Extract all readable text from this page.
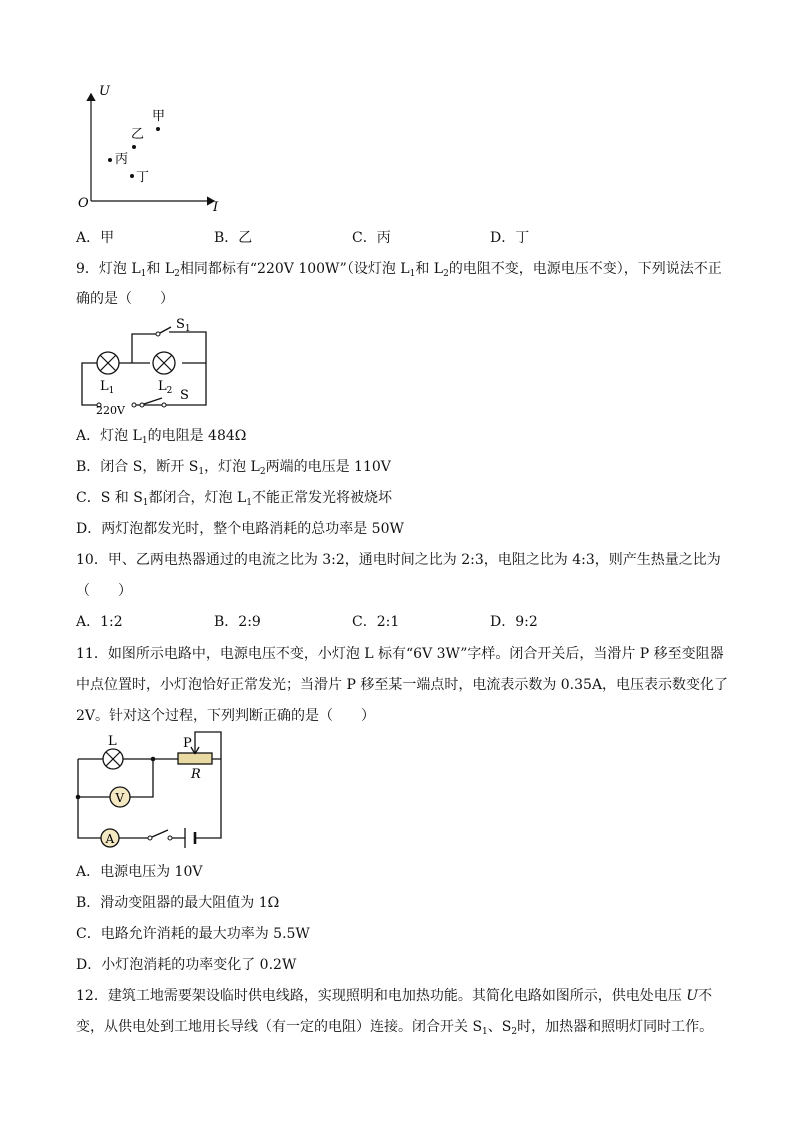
U
I
O
甲
乙
丙
丁
A．甲	B．乙	C．丙	D．丁
9．灯泡 $L_1$和 $L_2$相同都标有“220V 100W”（设灯泡 $L_1$和 $L_2$的电阻不变，电源电压不变），下列说法不正
确的是（　　）
$S_1$
$L_1$	$L_2$ S
220V
A．灯泡 $L_1$的电阻是 484Ω
B．闭合 S，断开 $S_1$，灯泡 $L_2$两端的电压是 110V
C．S 和 $S_1$都闭合，灯泡 $L_1$不能正常发光将被烧坏
D．两灯泡都发光时，整个电路消耗的总功率是 50W
10．甲、乙两电热器通过的电流之比为 3:2，通电时间之比为 2:3，电阻之比为 4:3，则产生热量之比为
（　　）
A．1:2	B．2:9	C．2:1	D．9:2
11．如图所示电路中，电源电压不变，小灯泡 L 标有“6V 3W”字样。闭合开关后，当滑片 P 移至变阻器
中点位置时，小灯泡恰好正常发光；当滑片 P 移至某一端点时，电流表示数为 0.35A，电压表示数变化了
2V。针对这个过程，下列判断正确的是（　　）
L	P
R
V
A
A．电源电压为 10V
B．滑动变阻器的最大阻值为 1Ω
C．电路允许消耗的最大功率为 5.5W
D．小灯泡消耗的功率变化了 0.2W
12．建筑工地需要架设临时供电线路，实现照明和电加热功能。其简化电路如图所示，供电处电压 U不
变，从供电处到工地用长导线（有一定的电阻）连接。闭合开关 $S_1$、$S_2$时，加热器和照明灯同时工作。
